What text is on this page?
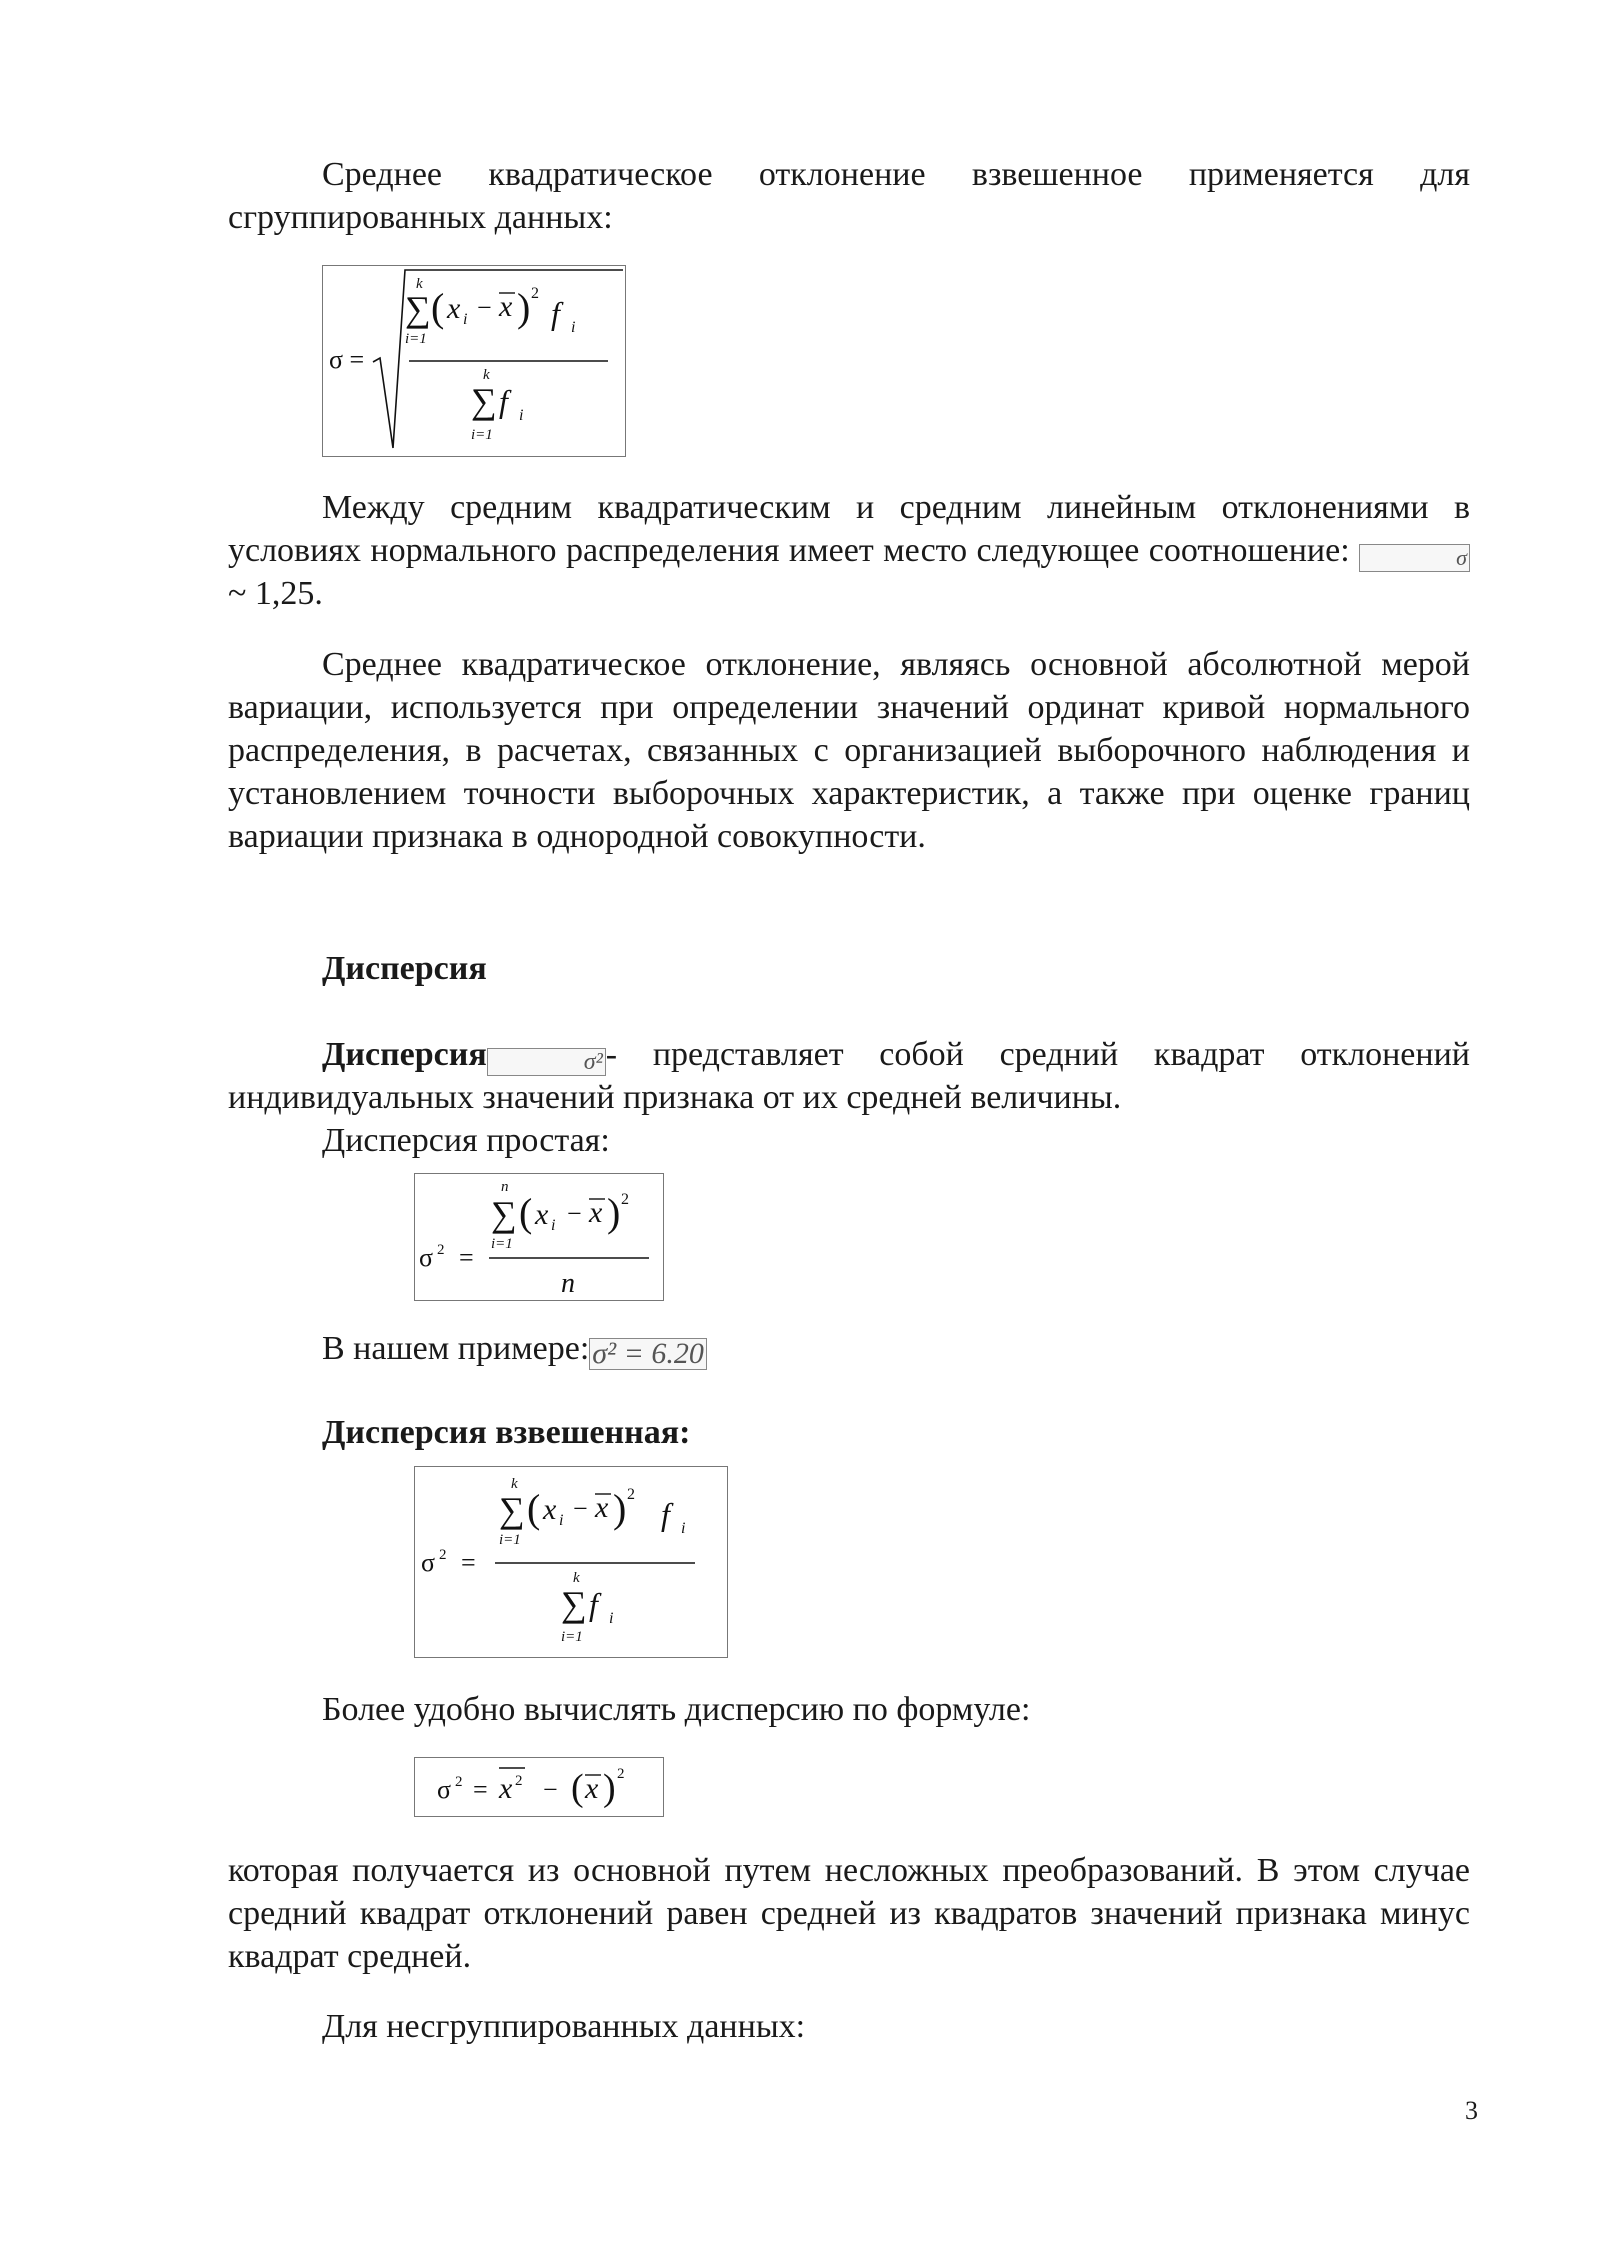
Среднее квадратическое отклонение взвешенное применяется для сгруппированных данных:

σ =
k
∑
i=1
( x i − x ) 2
f i
k
∑
i=1
f i

Между средним квадратическим и средним линейным отклонениями в условиях нормального распределения имеет место следующее соотношение:	σ ~ 1,25.

Среднее квадратическое отклонение, являясь основной абсолютной мерой вариации, используется при определении значений ординат кривой нормального распределения, в расчетах, связанных с организацией выборочного наблюдения и установлением точности выборочных характеристик, а также при оценке границ вариации признака в однородной совокупности.

Дисперсия

Дисперсия	σ²- представляет собой средний квадрат отклонений индивидуальных значений признака от их средней величины.

Дисперсия простая:

σ 2 =
n
∑
i=1
( x i − x ) 2
n

В нашем примере: σ² = 6.20

Дисперсия взвешенная:

σ 2 =
k
∑
i=1
( x i − x ) 2
f i
k
∑
i=1
f i

Более удобно вычислять дисперсию по формуле:

σ 2 = x 2 − ( x ) 2

которая получается из основной путем несложных преобразований. В этом случае средний квадрат отклонений равен средней из квадратов значений признака минус квадрат средней.

Для несгруппированных данных:

3
